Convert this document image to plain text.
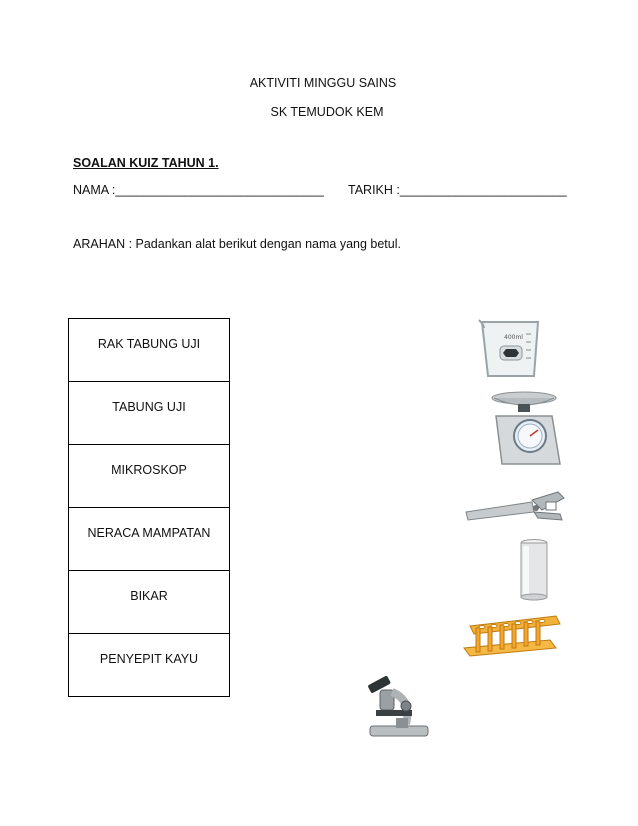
AKTIVITI MINGGU SAINS
SK TEMUDOK KEM
SOALAN KUIZ TAHUN 1.
NAMA :______________________________ TARIKH :________________________
ARAHAN : Padankan alat berikut dengan nama yang betul.
RAK TABUNG UJI
TABUNG UJI
MIKROSKOP
NERACA MAMPATAN
BIKAR
PENYEPIT KAYU
400ml
